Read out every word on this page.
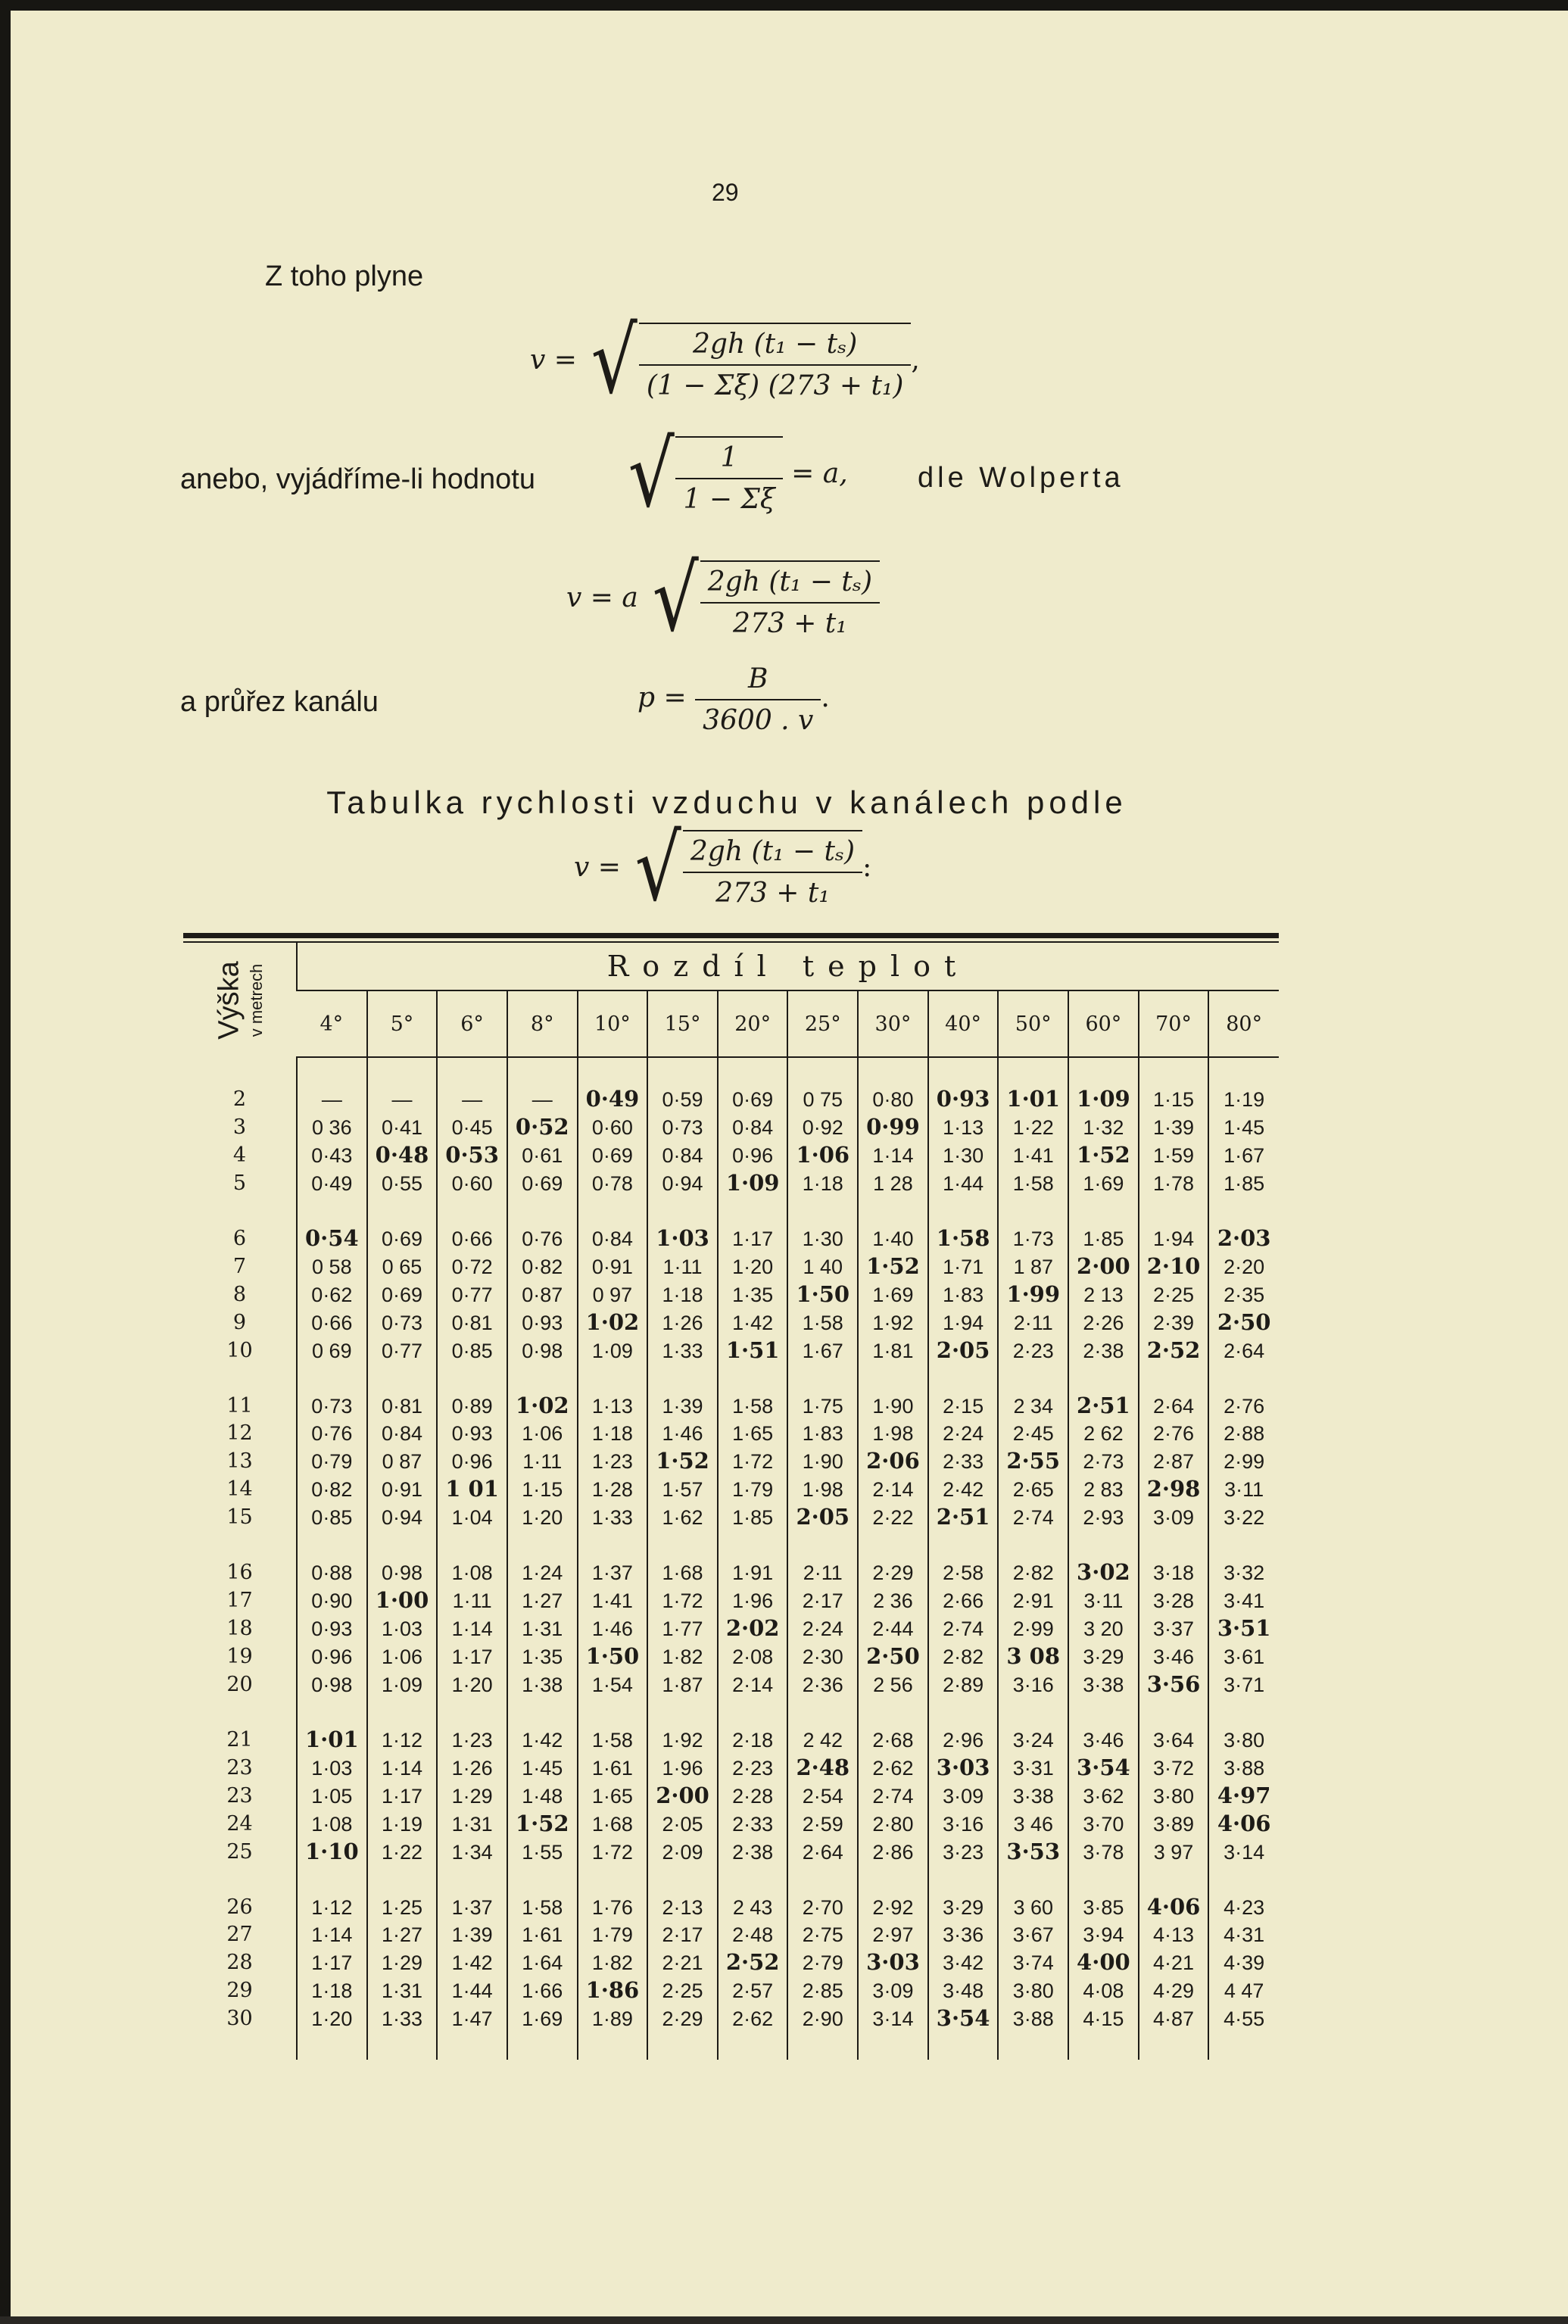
29
Z toho plyne
v = √ $\frac{\text{2gh (t₁ − tₛ)}}{\text{(1 − Σξ) (273 + t₁)}}$ ,
anebo, vyjádříme-li hodnotu √ $\frac{1}{1 - \Sigma\xi} = a$, dle Wolperta
v = a √ $\frac{\text{2gh (t₁ − tₛ)}}{\text{273 + t₁}}$
a průřez kanálu	$p = \frac{B}{3600 . v}$ .
Tabulka rychlosti vzduchu v kanálech podle
v = √ $\frac{\text{2gh (t₁ − tₛ)}}{\text{273 + t₁}}$ :
Výška v metrech	Rozdíl teplot													
	4°	5°	6°	8°	10°	15°	20°	25°	30°	40°	50°	60°	70°	80°

2	—	—	—	—	0·49	0·59	0·69	0 75	0·80	0·93	1·01	1·09	1·15	1·19
3	0 36	0·41	0·45	0·52	0·60	0·73	0·84	0·92	0·99	1·13	1·22	1·32	1·39	1·45
4	0·43	0·48	0·53	0·61	0·69	0·84	0·96	1·06	1·14	1·30	1·41	1·52	1·59	1·67
5	0·49	0·55	0·60	0·69	0·78	0·94	1·09	1·18	1 28	1·44	1·58	1·69	1·78	1·85

6	0·54	0·69	0·66	0·76	0·84	1·03	1·17	1·30	1·40	1·58	1·73	1·85	1·94	2·03
7	0 58	0 65	0·72	0·82	0·91	1·11	1·20	1 40	1·52	1·71	1 87	2·00	2·10	2·20
8	0·62	0·69	0·77	0·87	0 97	1·18	1·35	1·50	1·69	1·83	1·99	2 13	2·25	2·35
9	0·66	0·73	0·81	0·93	1·02	1·26	1·42	1·58	1·92	1·94	2·11	2·26	2·39	2·50
10	0 69	0·77	0·85	0·98	1·09	1·33	1·51	1·67	1·81	2·05	2·23	2·38	2·52	2·64

11	0·73	0·81	0·89	1·02	1·13	1·39	1·58	1·75	1·90	2·15	2 34	2·51	2·64	2·76
12	0·76	0·84	0·93	1·06	1·18	1·46	1·65	1·83	1·98	2·24	2·45	2 62	2·76	2·88
13	0·79	0 87	0·96	1·11	1·23	1·52	1·72	1·90	2·06	2·33	2·55	2·73	2·87	2·99
14	0·82	0·91	1 01	1·15	1·28	1·57	1·79	1·98	2·14	2·42	2·65	2 83	2·98	3·11
15	0·85	0·94	1·04	1·20	1·33	1·62	1·85	2·05	2·22	2·51	2·74	2·93	3·09	3·22

16	0·88	0·98	1·08	1·24	1·37	1·68	1·91	2·11	2·29	2·58	2·82	3·02	3·18	3·32
17	0·90	1·00	1·11	1·27	1·41	1·72	1·96	2·17	2 36	2·66	2·91	3·11	3·28	3·41
18	0·93	1·03	1·14	1·31	1·46	1·77	2·02	2·24	2·44	2·74	2·99	3 20	3·37	3·51
19	0·96	1·06	1·17	1·35	1·50	1·82	2·08	2·30	2·50	2·82	3 08	3·29	3·46	3·61
20	0·98	1·09	1·20	1·38	1·54	1·87	2·14	2·36	2 56	2·89	3·16	3·38	3·56	3·71

21	1·01	1·12	1·23	1·42	1·58	1·92	2·18	2 42	2·68	2·96	3·24	3·46	3·64	3·80
23	1·03	1·14	1·26	1·45	1·61	1·96	2·23	2·48	2·62	3·03	3·31	3·54	3·72	3·88
23	1·05	1·17	1·29	1·48	1·65	2·00	2·28	2·54	2·74	3·09	3·38	3·62	3·80	4·97
24	1·08	1·19	1·31	1·52	1·68	2·05	2·33	2·59	2·80	3·16	3 46	3·70	3·89	4·06
25	1·10	1·22	1·34	1·55	1·72	2·09	2·38	2·64	2·86	3·23	3·53	3·78	3 97	3·14

26	1·12	1·25	1·37	1·58	1·76	2·13	2 43	2·70	2·92	3·29	3 60	3·85	4·06	4·23
27	1·14	1·27	1·39	1·61	1·79	2·17	2·48	2·75	2·97	3·36	3·67	3·94	4·13	4·31
28	1·17	1·29	1·42	1·64	1·82	2·21	2·52	2·79	3·03	3·42	3·74	4·00	4·21	4·39
29	1·18	1·31	1·44	1·66	1·86	2·25	2·57	2·85	3·09	3·48	3·80	4·08	4·29	4 47
30	1·20	1·33	1·47	1·69	1·89	2·29	2·62	2·90	3·14	3·54	3·88	4·15	4·87	4·55
